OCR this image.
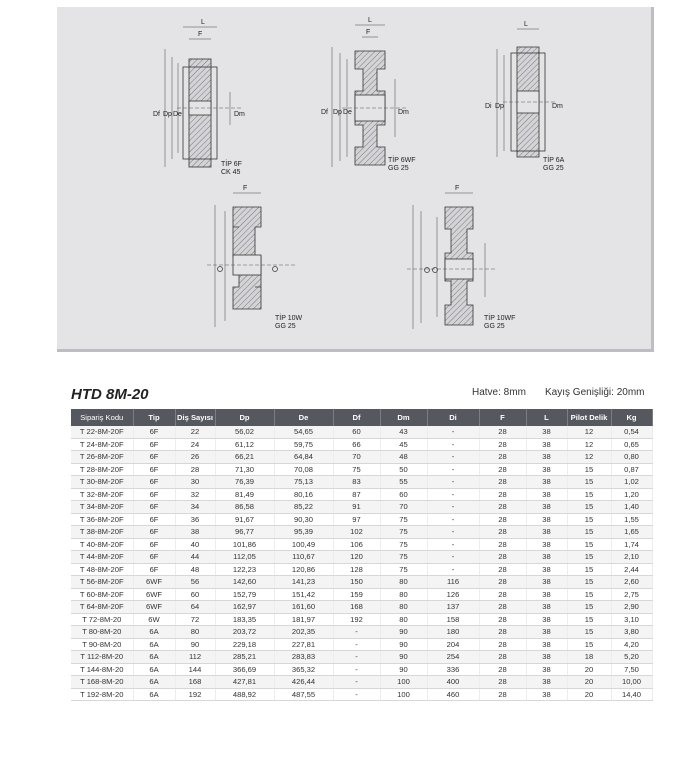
L
F
Df Dp De	Dm
L
F
Df Dp De	Dm
L
Di Dp	Dm
F	F
TİP 6F
CK 45
TİP 6WF
GG 25
TİP 6A
GG 25
TİP 10W
GG 25
TİP 10WF
GG 25
HTD 8M-20	Hatve: 8mm Kayış Genişliği: 20mm
Sipariş Kodu	Tip	Diş Sayısı	Dp	De	Df	Dm	Di	F	L	Pilot Delik	Kg
T 22-8M-20F	6F	22	56,02	54,65	60	43	-	28	38	12	0,54
T 24-8M-20F	6F	24	61,12	59,75	66	45	-	28	38	12	0,65
T 26-8M-20F	6F	26	66,21	64,84	70	48	-	28	38	12	0,80
T 28-8M-20F	6F	28	71,30	70,08	75	50	-	28	38	15	0,87
T 30-8M-20F	6F	30	76,39	75,13	83	55	-	28	38	15	1,02
T 32-8M-20F	6F	32	81,49	80,16	87	60	-	28	38	15	1,20
T 34-8M-20F	6F	34	86,58	85,22	91	70	-	28	38	15	1,40
T 36-8M-20F	6F	36	91,67	90,30	97	75	-	28	38	15	1,55
T 38-8M-20F	6F	38	96,77	95,39	102	75	-	28	38	15	1,65
T 40-8M-20F	6F	40	101,86	100,49	106	75	-	28	38	15	1,74
T 44-8M-20F	6F	44	112,05	110,67	120	75	-	28	38	15	2,10
T 48-8M-20F	6F	48	122,23	120,86	128	75	-	28	38	15	2,44
T 56-8M-20F	6WF	56	142,60	141,23	150	80	116	28	38	15	2,60
T 60-8M-20F	6WF	60	152,79	151,42	159	80	126	28	38	15	2,75
T 64-8M-20F	6WF	64	162,97	161,60	168	80	137	28	38	15	2,90
T 72-8M-20	6W	72	183,35	181,97	192	80	158	28	38	15	3,10
T 80-8M-20	6A	80	203,72	202,35	-	90	180	28	38	15	3,80
T 90-8M-20	6A	90	229,18	227,81	-	90	204	28	38	15	4,20
T 112-8M-20	6A	112	285,21	283,83	-	90	254	28	38	18	5,20
T 144-8M-20	6A	144	366,69	365,32	-	90	336	28	38	20	7,50
T 168-8M-20	6A	168	427,81	426,44	-	100	400	28	38	20	10,00
T 192-8M-20	6A	192	488,92	487,55	-	100	460	28	38	20	14,40
